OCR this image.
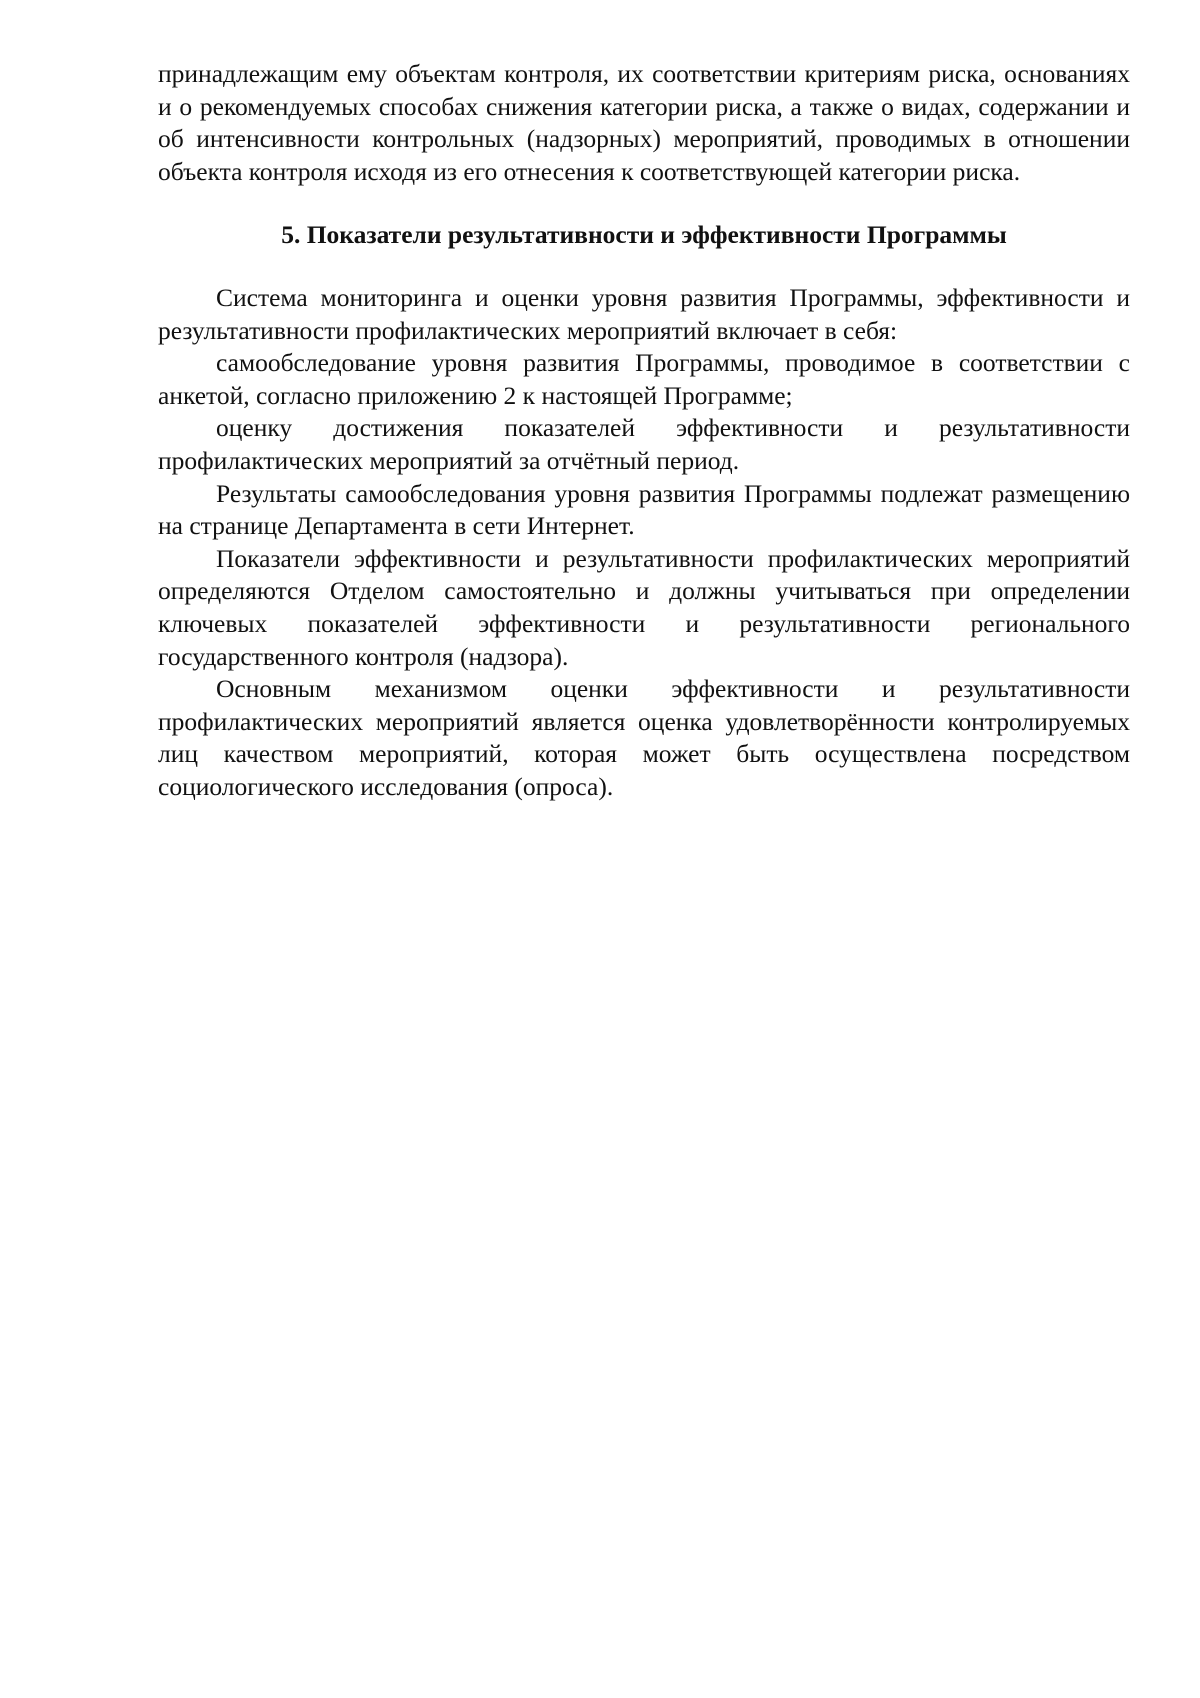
принадлежащим ему объектам контроля, их соответствии критериям риска, основаниях и о рекомендуемых способах снижения категории риска, а также о видах, содержании и об интенсивности контрольных (надзорных) мероприятий, проводимых в отношении объекта контроля исходя из его отнесения к соответствующей категории риска.

5. Показатели результативности и эффективности Программы

Система мониторинга и оценки уровня развития Программы, эффективности и результативности профилактических мероприятий включает в себя:

самообследование уровня развития Программы, проводимое в соответствии с анкетой, согласно приложению 2 к настоящей Программе;

оценку достижения показателей эффективности и результативности профилактических мероприятий за отчётный период.

Результаты самообследования уровня развития Программы подлежат размещению на странице Департамента в сети Интернет.

Показатели эффективности и результативности профилактических мероприятий определяются Отделом самостоятельно и должны учитываться при определении ключевых показателей эффективности и результативности регионального государственного контроля (надзора).

Основным механизмом оценки эффективности и результативности профилактических мероприятий является оценка удовлетворённости контролируемых лиц качеством мероприятий, которая может быть осуществлена посредством социологического исследования (опроса).
